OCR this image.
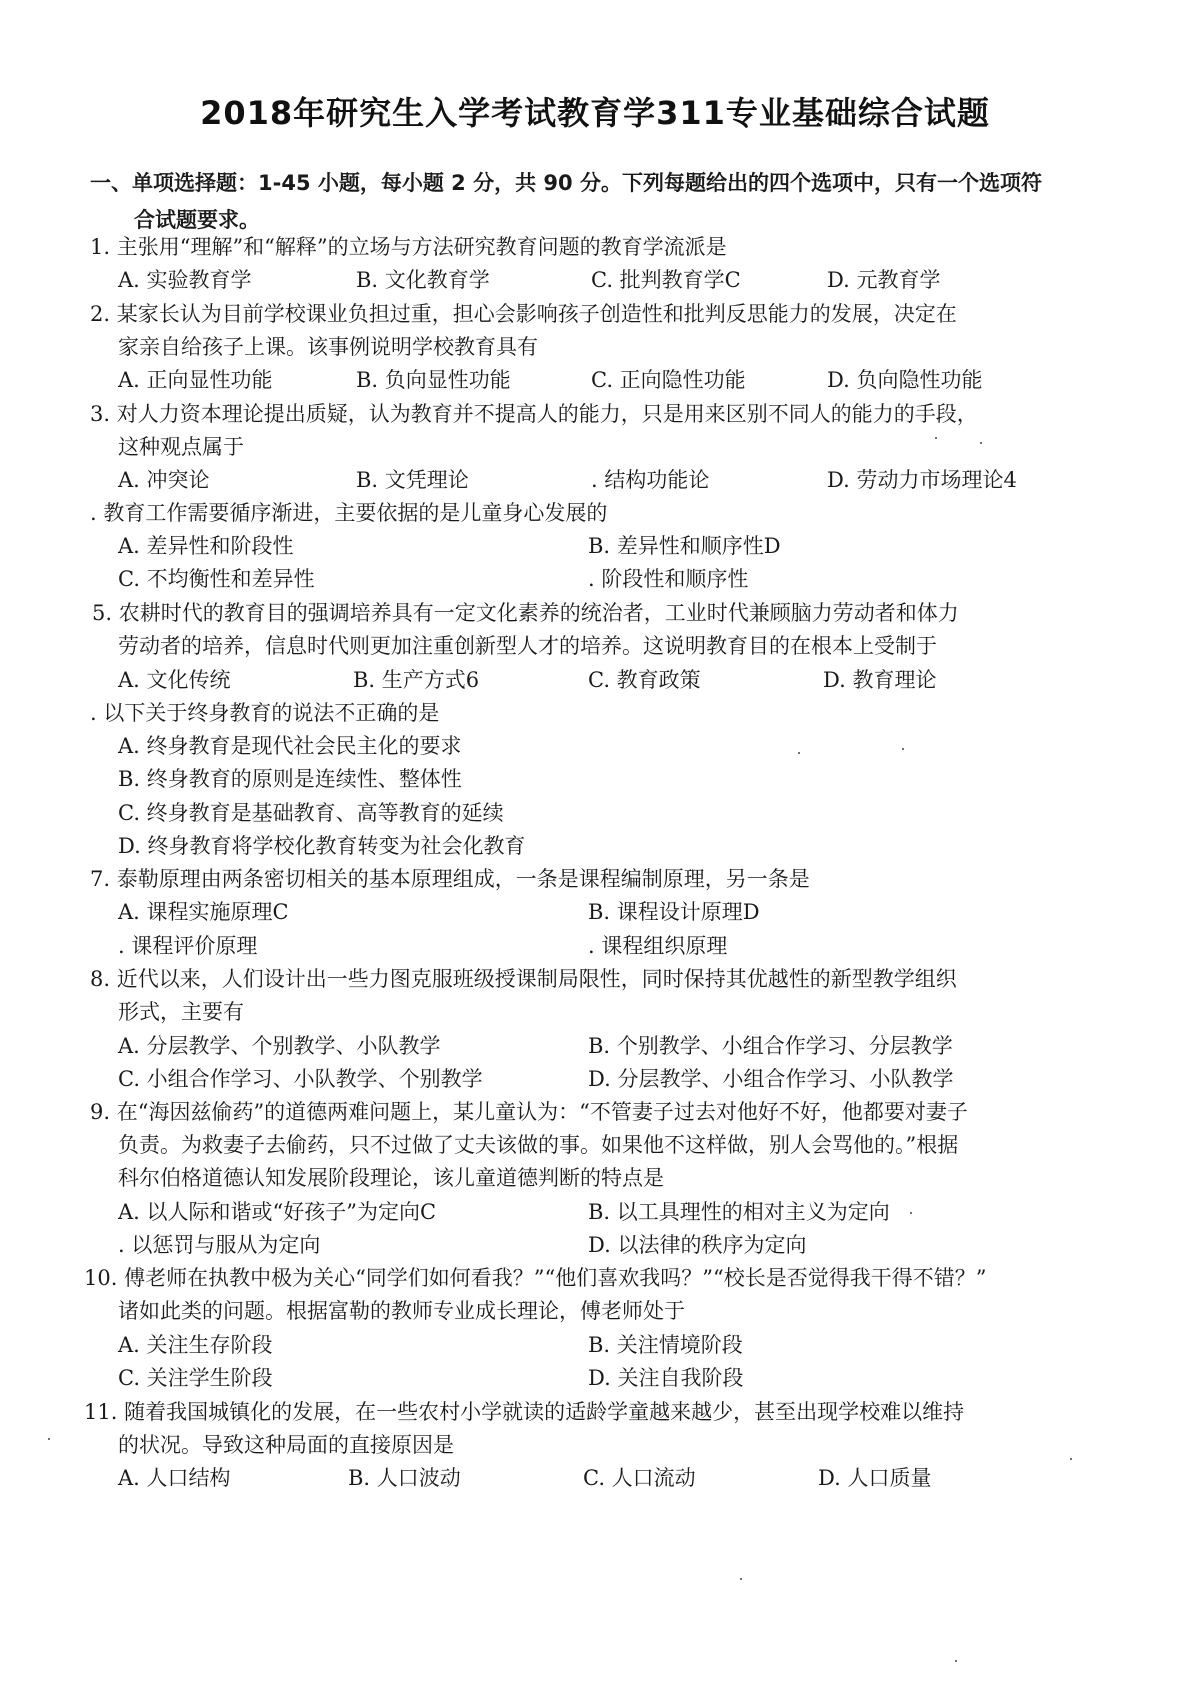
2018年研究生入学考试教育学311专业基础综合试题
一、单项选择题：1-45 小题，每小题 2 分，共 90 分。下列每题给出的四个选项中，只有一个选项符
合试题要求。
1. 主张用“理解”和“解释”的立场与方法研究教育问题的教育学流派是
A. 实验教育学	B. 文化教育学	C. 批判教育学C	D. 元教育学
2. 某家长认为目前学校课业负担过重，担心会影响孩子创造性和批判反思能力的发展，决定在
家亲自给孩子上课。该事例说明学校教育具有
A. 正向显性功能	B. 负向显性功能	C. 正向隐性功能	D. 负向隐性功能
3. 对人力资本理论提出质疑，认为教育并不提高人的能力，只是用来区别不同人的能力的手段，
这种观点属于
A. 冲突论	B. 文凭理论	. 结构功能论	D. 劳动力市场理论4
. 教育工作需要循序渐进，主要依据的是儿童身心发展的
A. 差异性和阶段性	B. 差异性和顺序性D
C. 不均衡性和差异性	. 阶段性和顺序性
5. 农耕时代的教育目的强调培养具有一定文化素养的统治者，工业时代兼顾脑力劳动者和体力
劳动者的培养，信息时代则更加注重创新型人才的培养。这说明教育目的在根本上受制于
A. 文化传统	B. 生产方式6	C. 教育政策	D. 教育理论
. 以下关于终身教育的说法不正确的是
A. 终身教育是现代社会民主化的要求
B. 终身教育的原则是连续性、整体性
C. 终身教育是基础教育、高等教育的延续
D. 终身教育将学校化教育转变为社会化教育
7. 泰勒原理由两条密切相关的基本原理组成，一条是课程编制原理，另一条是
A. 课程实施原理C	B. 课程设计原理D
. 课程评价原理	. 课程组织原理
8. 近代以来，人们设计出一些力图克服班级授课制局限性，同时保持其优越性的新型教学组织
形式，主要有
A. 分层教学、个别教学、小队教学	B. 个别教学、小组合作学习、分层教学
C. 小组合作学习、小队教学、个别教学	D. 分层教学、小组合作学习、小队教学
9. 在“海因兹偷药”的道德两难问题上，某儿童认为：“不管妻子过去对他好不好，他都要对妻子
负责。为救妻子去偷药，只不过做了丈夫该做的事。如果他不这样做，别人会骂他的。”根据
科尔伯格道德认知发展阶段理论，该儿童道德判断的特点是
A. 以人际和谐或“好孩子”为定向C	B. 以工具理性的相对主义为定向
. 以惩罚与服从为定向	D. 以法律的秩序为定向
10. 傅老师在执教中极为关心“同学们如何看我？”“他们喜欢我吗？”“校长是否觉得我干得不错？”
诸如此类的问题。根据富勒的教师专业成长理论，傅老师处于
A. 关注生存阶段	B. 关注情境阶段
C. 关注学生阶段	D. 关注自我阶段
11. 随着我国城镇化的发展，在一些农村小学就读的适龄学童越来越少，甚至出现学校难以维持
的状况。导致这种局面的直接原因是
A. 人口结构	B. 人口波动	C. 人口流动	D. 人口质量
